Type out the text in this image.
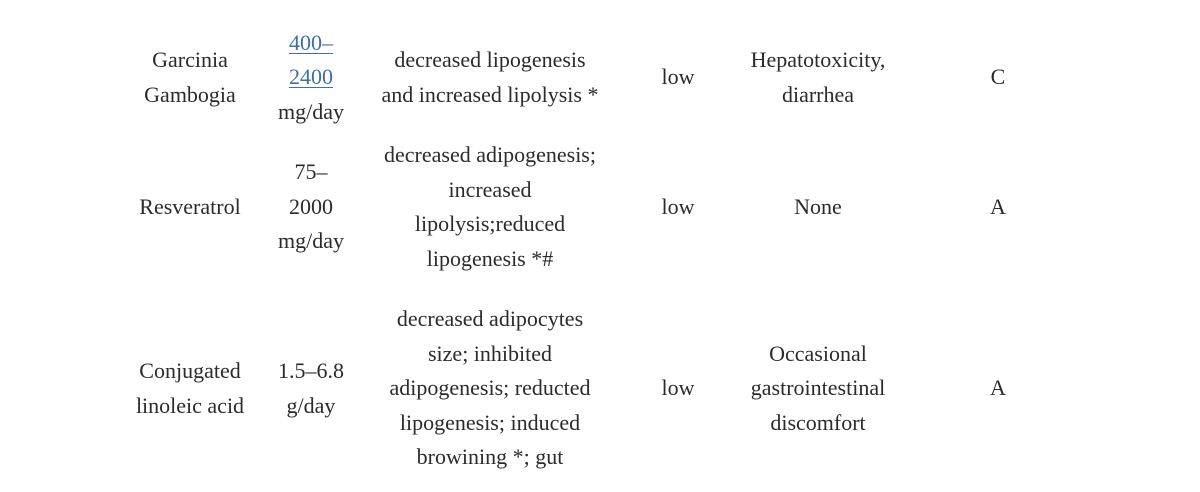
Garcinia
Gambogia
400–
2400
mg/day
decreased lipogenesis
and increased lipolysis *
low
Hepatotoxicity,
diarrhea
C
Resveratrol
75–
2000
mg/day
decreased adipogenesis;
increased
lipolysis;reduced
lipogenesis *#
low	None	A
Conjugated
linoleic acid
1.5–6.8
g/day
decreased adipocytes
size; inhibited
adipogenesis; reducted
lipogenesis; induced
browining *; gut
low
Occasional
gastrointestinal
discomfort
A
